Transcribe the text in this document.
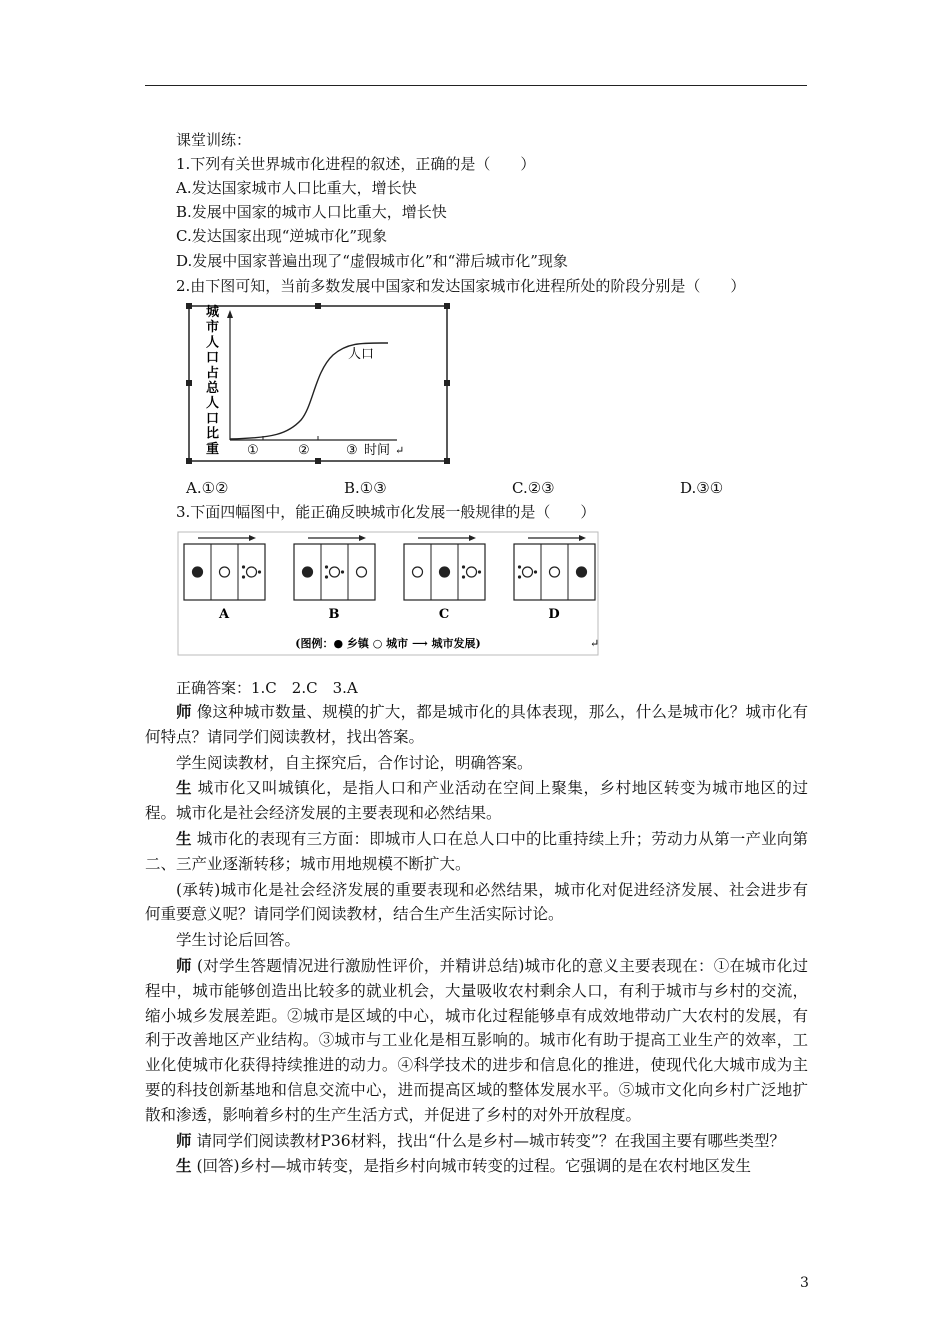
课堂训练：
1.下列有关世界城市化进程的叙述，正确的是（　　）
A.发达国家城市人口比重大，增长快
B.发展中国家的城市人口比重大，增长快
C.发达国家出现“逆城市化”现象
D.发展中国家普遍出现了“虚假城市化”和“滞后城市化”现象
2.由下图可知，当前多数发展中国家和发达国家城市化进程所处的阶段分别是（　　）
人口
城市人口占总人口比重 ①	②	③ 时间 ↵
A.①②	B.①③	C.②③	D.③①
3.下面四幅图中，能正确反映城市化发展一般规律的是（　　）
A	B	C	D
(图例：● 乡镇 ○ 城市 ⟶ 城市发展)	↵
正确答案：1.C　2.C　3.A
师 像这种城市数量、规模的扩大，都是城市化的具体表现，那么，什么是城市化？城市化有何特点？请同学们阅读教材，找出答案。
学生阅读教材，自主探究后，合作讨论，明确答案。
生 城市化又叫城镇化，是指人口和产业活动在空间上聚集，乡村地区转变为城市地区的过程。城市化是社会经济发展的主要表现和必然结果。
生 城市化的表现有三方面：即城市人口在总人口中的比重持续上升；劳动力从第一产业向第二、三产业逐渐转移；城市用地规模不断扩大。
(承转)城市化是社会经济发展的重要表现和必然结果，城市化对促进经济发展、社会进步有何重要意义呢？请同学们阅读教材，结合生产生活实际讨论。
学生讨论后回答。
师 (对学生答题情况进行激励性评价，并精讲总结)城市化的意义主要表现在：①在城市化过程中，城市能够创造出比较多的就业机会，大量吸收农村剩余人口，有利于城市与乡村的交流，缩小城乡发展差距。②城市是区域的中心，城市化过程能够卓有成效地带动广大农村的发展，有利于改善地区产业结构。③城市与工业化是相互影响的。城市化有助于提高工业生产的效率，工业化使城市化获得持续推进的动力。④科学技术的进步和信息化的推进，使现代化大城市成为主要的科技创新基地和信息交流中心，进而提高区域的整体发展水平。⑤城市文化向乡村广泛地扩散和渗透，影响着乡村的生产生活方式，并促进了乡村的对外开放程度。
师 请同学们阅读教材P36材料，找出“什么是乡村—城市转变”？在我国主要有哪些类型？
生 (回答)乡村—城市转变，是指乡村向城市转变的过程。它强调的是在农村地区发生
3
